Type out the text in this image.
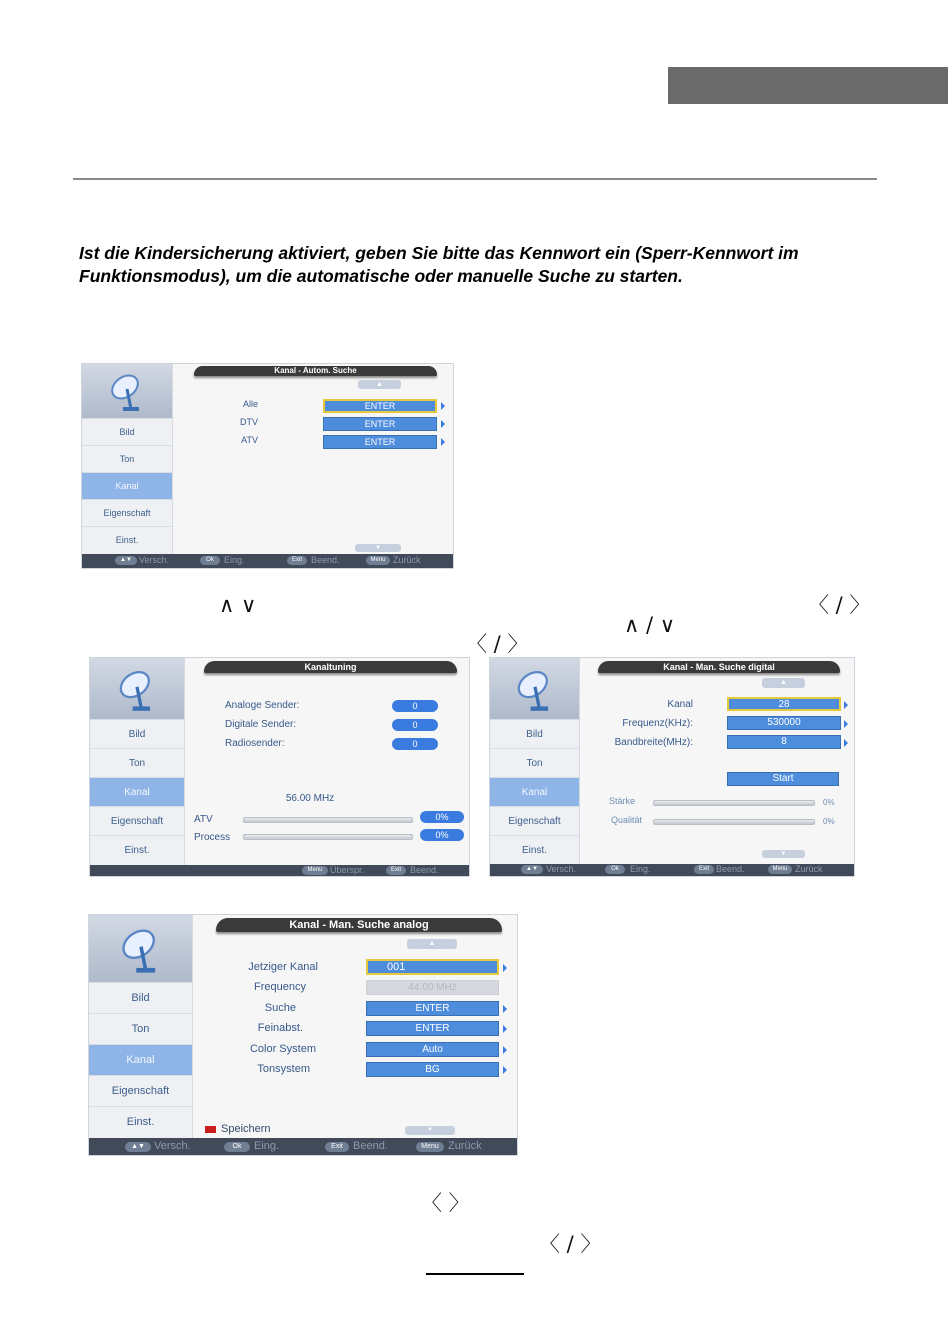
Ist die Kindersicherung aktiviert, geben Sie bitte das Kennwort ein (Sperr-Kennwort im Funktionsmodus), um die automatische oder manuelle Suche zu starten.
∧ ∨	〈 / 〉
∧ / ∨
〈 / 〉
〈 〉
〈 / 〉
Bild
Ton
Kanal
Eigenschaft
Einst.
Kanal - Autom. Suche
▲
Alle	ENTER
DTV	ENTER
ATV	ENTER
▼
▲▼ Versch.	Ok	Eing.	Exit	Beend.	Menu Zurück
Bild
Ton
Kanal
Eigenschaft
Einst.
Kanaltuning
Analoge Sender:	0
Digitale Sender:	0
Radiosender:	0
56.00 MHz
ATV	0%
Process	0%
Menu Überspr.	Exit	Beend.
Bild
Ton
Kanal
Eigenschaft
Einst.
Kanal - Man. Suche digital
▲
Kanal	28
Frequenz(KHz):	530000
Bandbreite(MHz):	8
Start
Stärke	0%
Qualität	0%
▼
▲▼ Versch.	Ok	Eing.	Exit Beend.	Menu Zurück
Bild
Ton
Kanal
Eigenschaft
Einst.
Kanal - Man. Suche analog
▲
Jetziger Kanal	001
Frequency	44.00 MHz
Suche	ENTER
Feinabst.	ENTER
Color System	Auto
Tonsystem	BG
Speichern	▼
▲▼ Versch.	Ok	Eing.	Exit Beend.	Menu Zurück
